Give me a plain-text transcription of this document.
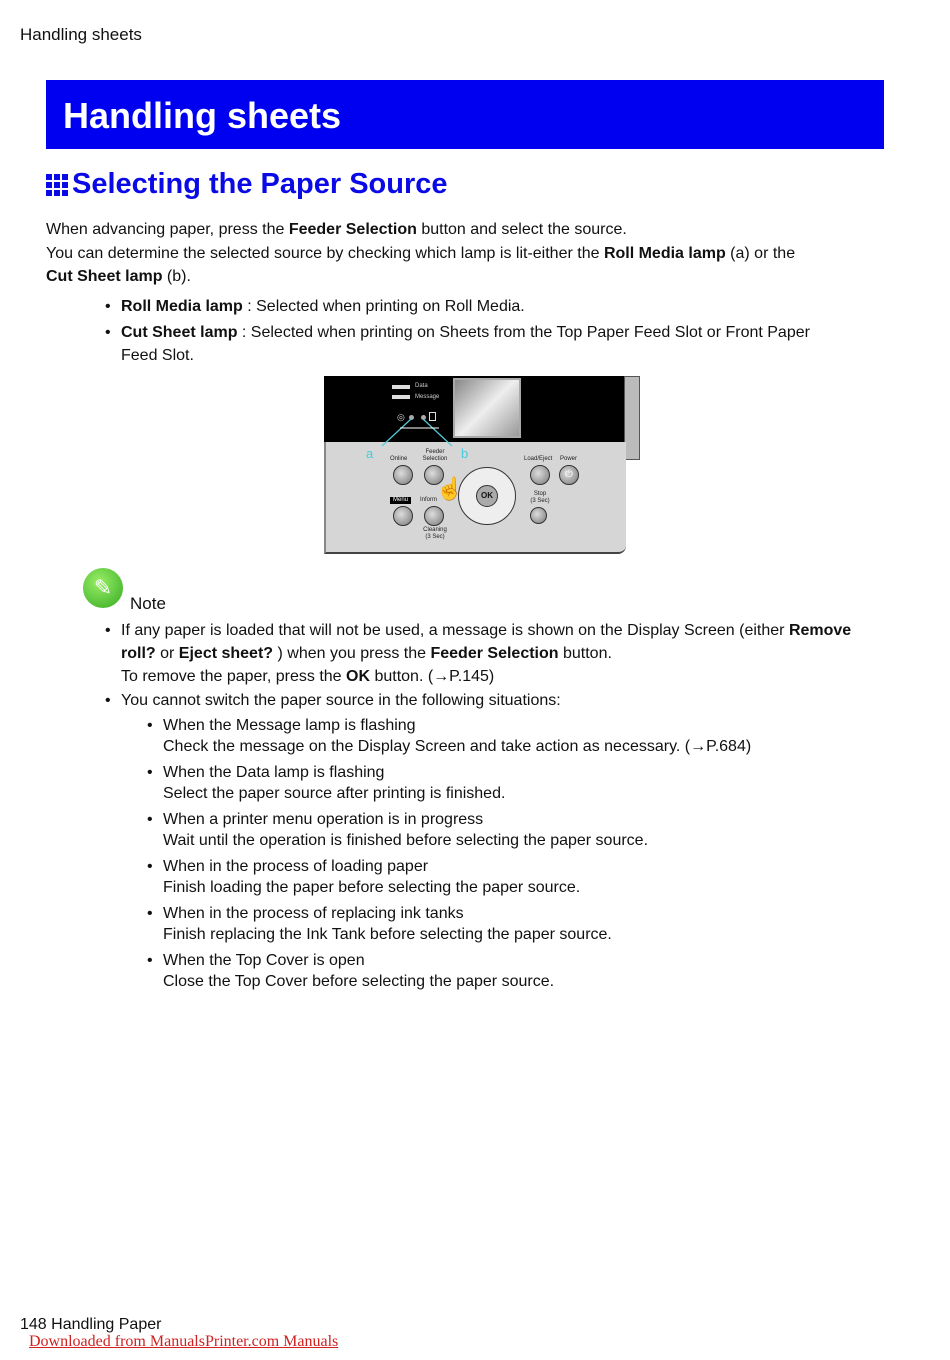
Handling sheets
Handling sheets
Selecting the Paper Source
When advancing paper, press the Feeder Selection button and select the source.
You can determine the selected source by checking which lamp is lit-either the Roll Media lamp (a) or the
Cut Sheet lamp (b).
• Roll Media lamp : Selected when printing on Roll Media.
• Cut Sheet lamp : Selected when printing on Sheets from the Top Paper Feed Slot or Front Paper
Feed Slot.
Data
Message
◎
a	b
Online
Feeder
Selection	Load/Eject Power
⏻
OK
Menu	Inform
Stop
(3 Sec)
Cleaning
(3 Sec)
☝
✎
Note
• If any paper is loaded that will not be used, a message is shown on the Display Screen (either Remove
roll? or Eject sheet? ) when you press the Feeder Selection button.
To remove the paper, press the OK button. (→P.145)
• You cannot switch the paper source in the following situations:
• When the Message lamp is flashing
Check the message on the Display Screen and take action as necessary. (→P.684)
• When the Data lamp is flashing
Select the paper source after printing is finished.
• When a printer menu operation is in progress
Wait until the operation is finished before selecting the paper source.
• When in the process of loading paper
Finish loading the paper before selecting the paper source.
• When in the process of replacing ink tanks
Finish replacing the Ink Tank before selecting the paper source.
• When the Top Cover is open
Close the Top Cover before selecting the paper source.
148 Handling Paper
Downloaded from ManualsPrinter.com Manuals
